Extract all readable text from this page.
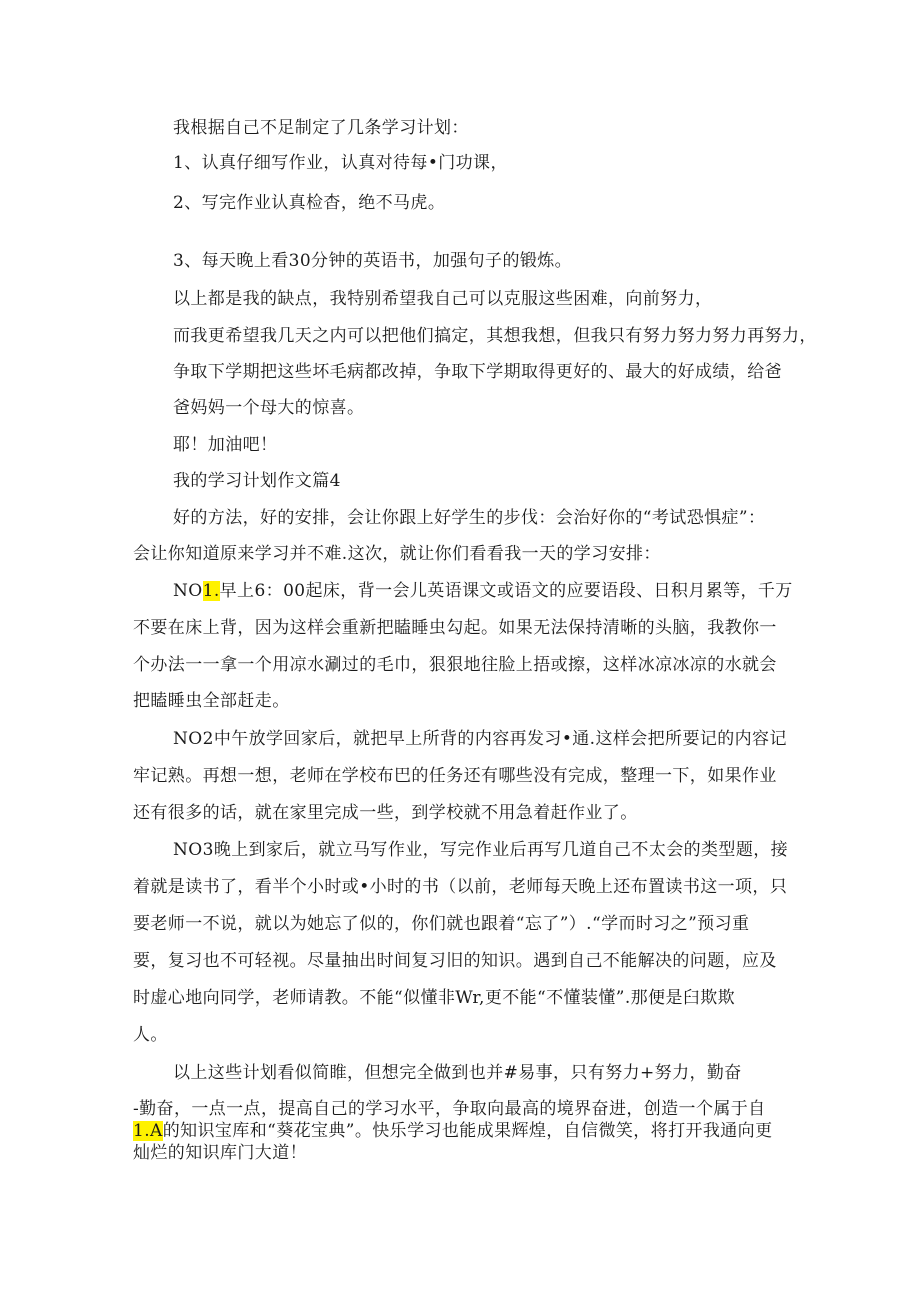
我根据自己不足制定了几条学习计划：
1、认真仔细写作业，认真对待每•门功课，
2、写完作业认真检杳，绝不马虎。
3、每天晚上看30分钟的英语书，加强句子的锻炼。
以上都是我的缺点，我特别希望我自己可以克服这些困难，向前努力，
而我更希望我几天之内可以把他们搞定，其想我想，但我只有努力努力努力再努力，
争取下学期把这些坏毛病都改掉，争取下学期取得更好的、最大的好成绩，给爸
爸妈妈一个母大的惊喜。
耶！加油吧！
我的学习计划作文篇4
好的方法，好的安排，会让你跟上好学生的步伐：会治好你的“考试恐惧症”：
会让你知道原来学习并不难.这次，就让你们看看我一天的学习安排：
NO1.早上6：00起床，背一会儿英语课文或语文的应要语段、日积月累等，千万
不要在床上背，因为这样会重新把瞌睡虫勾起。如果无法保持清晰的头脑，我教你一
个办法一一拿一个用凉水涮过的毛巾，狠狠地往脸上捂或擦，这样冰凉冰凉的水就会
把瞌睡虫全部赶走。
NO2中午放学回家后，就把早上所背的内容再发习•通.这样会把所要记的内容记
牢记熟。再想一想，老师在学校布巴的任务还有哪些没有完成，整理一下，如果作业
还有很多的话，就在家里完成一些，到学校就不用急着赶作业了。
NO3晚上到家后，就立马写作业，写完作业后再写几道自己不太会的类型题，接
着就是读书了，看半个小时或•小时的书（以前，老师每天晚上还布置读书这一项，只
要老师一不说，就以为她忘了似的，你们就也跟着“忘了”）.“学而时习之”预习重
要，复习也不可轻视。尽量抽出时间复习旧的知识。遇到自己不能解决的问题，应及
时虚心地向同学，老师请教。不能“似懂非Wr,更不能“不懂装懂”.那便是臼欺欺
人。
以上这些计划看似简睢，但想完全做到也并#易事，只有努力+努力，勤奋
-勤奋，一点一点，提高自己的学习水平，争取向最高的境界奋进，创造一个属于自
1.A的知识宝库和“葵花宝典”。快乐学习也能成果辉煌，自信微笑，将打开我通向更
灿烂的知识库门大道！
